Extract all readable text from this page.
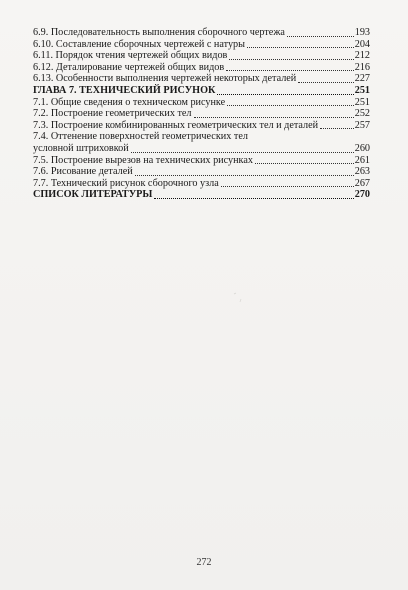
6.9. Последовательность выполнения сборочного чертежа	193
6.10. Составление сборочных чертежей с натуры	204
6.11. Порядок чтения чертежей общих видов	212
6.12. Деталирование чертежей общих видов	216
6.13. Особенности выполнения чертежей некоторых деталей	227
ГЛАВА 7. ТЕХНИЧЕСКИЙ РИСУНОК	251
7.1. Общие сведения о техническом рисунке	251
7.2. Построение геометрических тел	252
7.3. Построение комбинированных геометрических тел и деталей	257
7.4. Оттенение поверхностей геометрических тел
условной штриховкой	260
7.5. Построение вырезов на технических рисунках	261
7.6. Рисование деталей	263
7.7. Технический рисунок сборочного узла	267
СПИСОК ЛИТЕРАТУРЫ	270
272
